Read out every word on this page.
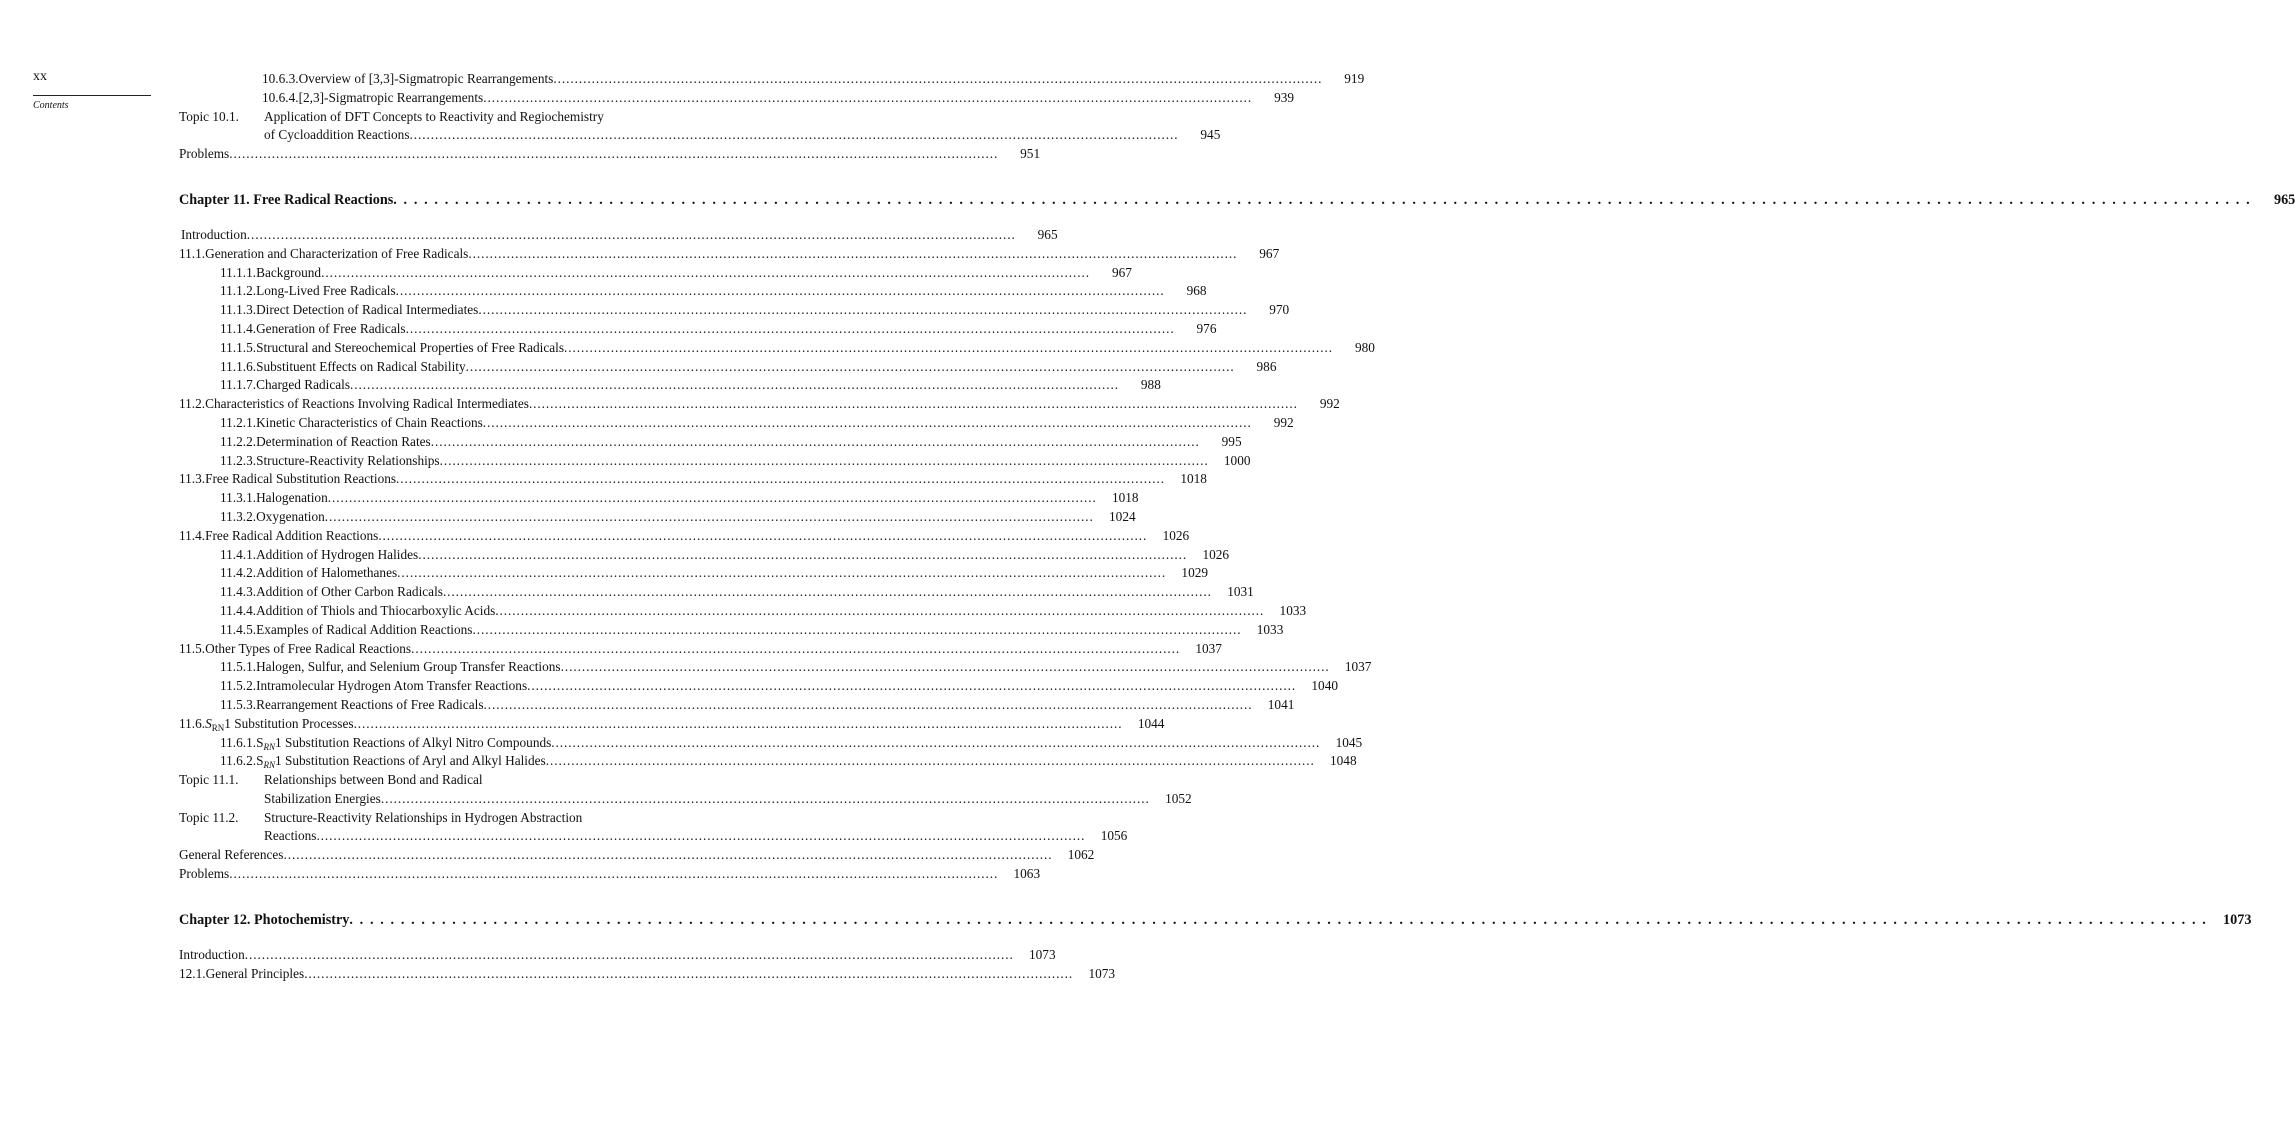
xx
Contents
10.6.3. Overview of [3,3]-Sigmatropic Rearrangements . . .	919
10.6.4. [2,3]-Sigmatropic Rearrangements . . .	939
Topic 10.1.	Application of DFT Concepts to Reactivity and Regiochemistry
of Cycloaddition Reactions . . .	945
Problems . . .	951
Chapter 11. Free Radical Reactions . . .	965
Introduction . . .	965
11.1. Generation and Characterization of Free Radicals . . .	967
11.1.1. Background . . .	967
11.1.2. Long-Lived Free Radicals . . .	968
11.1.3. Direct Detection of Radical Intermediates . . .	970
11.1.4. Generation of Free Radicals . . .	976
11.1.5. Structural and Stereochemical Properties of Free Radicals . . .	980
11.1.6. Substituent Effects on Radical Stability . . .	986
11.1.7. Charged Radicals . . .	988
11.2. Characteristics of Reactions Involving Radical Intermediates . . .	992
11.2.1. Kinetic Characteristics of Chain Reactions . . .	992
11.2.2. Determination of Reaction Rates . . .	995
11.2.3. Structure-Reactivity Relationships . . .	1000
11.3. Free Radical Substitution Reactions . . .	1018
11.3.1. Halogenation . . .	1018
11.3.2. Oxygenation . . .	1024
11.4. Free Radical Addition Reactions . . .	1026
11.4.1. Addition of Hydrogen Halides . . .	1026
11.4.2. Addition of Halomethanes . . .	1029
11.4.3. Addition of Other Carbon Radicals . . .	1031
11.4.4. Addition of Thiols and Thiocarboxylic Acids . . .	1033
11.4.5. Examples of Radical Addition Reactions . . .	1033
11.5. Other Types of Free Radical Reactions . . .	1037
11.5.1. Halogen, Sulfur, and Selenium Group Transfer Reactions . . .	1037
11.5.2. Intramolecular Hydrogen Atom Transfer Reactions . . .	1040
11.5.3. Rearrangement Reactions of Free Radicals . . .	1041
11.6. $S_{RN}1$ Substitution Processes . . .	1044
11.6.1. $S_{RN}1$ Substitution Reactions of Alkyl Nitro Compounds . . .	1045
11.6.2. $S_{RN}1$ Substitution Reactions of Aryl and Alkyl Halides . . .	1048
Topic 11.1.	Relationships between Bond and Radical
Stabilization Energies . . .	1052
Topic 11.2.	Structure-Reactivity Relationships in Hydrogen Abstraction
Reactions . . .	1056
General References . . .	1062
Problems . . .	1063
Chapter 12. Photochemistry . . .	1073
Introduction . . .	1073
12.1. General Principles . . .	1073
